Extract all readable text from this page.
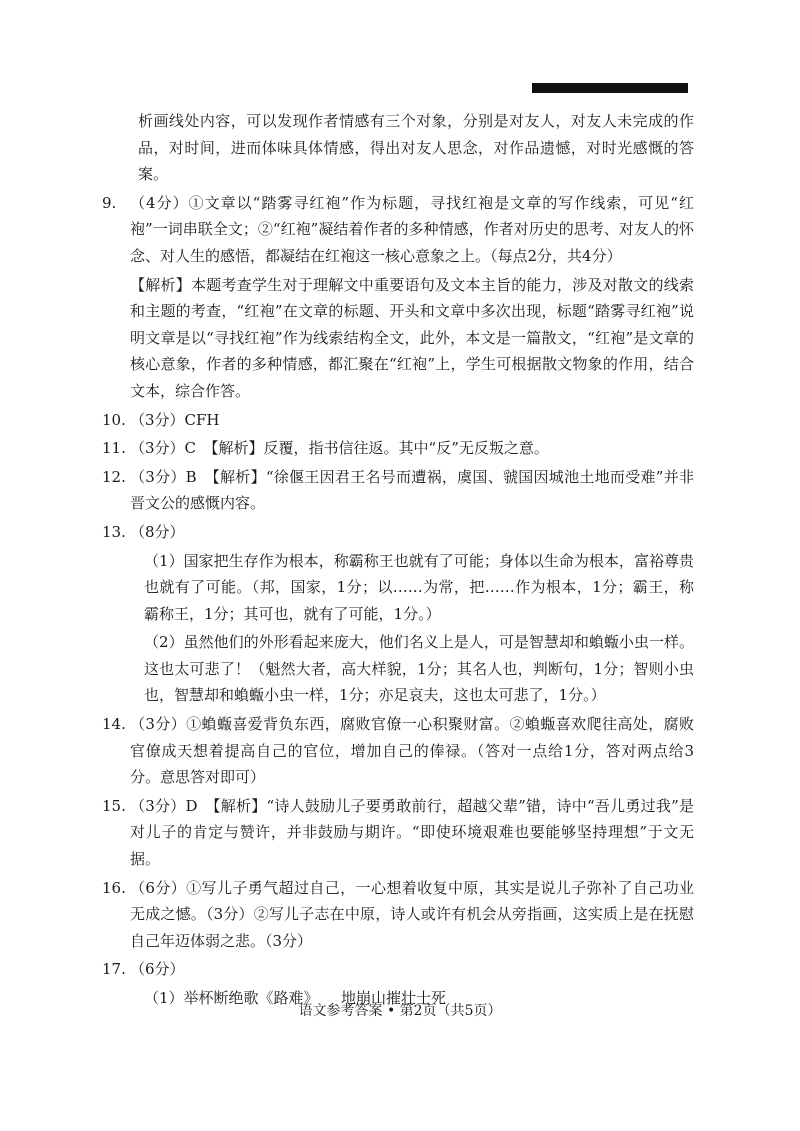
析画线处内容，可以发现作者情感有三个对象，分别是对友人，对友人未完成的作品，对时间，进而体味具体情感，得出对友人思念，对作品遗憾，对时光感慨的答案。

9. （4分）①文章以“踏雾寻红袍”作为标题，寻找红袍是文章的写作线索，可见“红袍”一词串联全文；②“红袍”凝结着作者的多种情感，作者对历史的思考、对友人的怀念、对人生的感悟，都凝结在红袍这一核心意象之上。（每点2分，共4分）

【解析】本题考查学生对于理解文中重要语句及文本主旨的能力，涉及对散文的线索和主题的考查，“红袍”在文章的标题、开头和文章中多次出现，标题“踏雾寻红袍”说明文章是以“寻找红袍”作为线索结构全文，此外，本文是一篇散文，“红袍”是文章的核心意象，作者的多种情感，都汇聚在“红袍”上，学生可根据散文物象的作用，结合文本，综合作答。

10. （3分）CFH
11. （3分）C　【解析】反覆，指书信往返。其中“反”无反叛之意。
12. （3分）B　【解析】“徐偃王因君王名号而遭祸，虞国、虢国因城池土地而受难”并非晋文公的感慨内容。
13. （8分）

（1）国家把生存作为根本，称霸称王也就有了可能；身体以生命为根本，富裕尊贵也就有了可能。（邦，国家，1分；以……为常，把……作为根本，1分；霸王，称霸称王，1分；其可也，就有了可能，1分。）

（2）虽然他们的外形看起来庞大，他们名义上是人，可是智慧却和蝜蝂小虫一样。这也太可悲了！（魁然大者，高大样貌，1分；其名人也，判断句，1分；智则小虫也，智慧却和蝜蝂小虫一样，1分；亦足哀夫，这也太可悲了，1分。）

14. （3分）①蝜蝂喜爱背负东西，腐败官僚一心积聚财富。②蝜蝂喜欢爬往高处，腐败官僚成天想着提高自己的官位，增加自己的俸禄。（答对一点给1分，答对两点给3分。意思答对即可）
15. （3分）D　【解析】“诗人鼓励儿子要勇敢前行，超越父辈”错，诗中“吾儿勇过我”是对儿子的肯定与赞许，并非鼓励与期许。“即使环境艰难也要能够坚持理想”于文无据。
16. （6分）①写儿子勇气超过自己，一心想着收复中原，其实是说儿子弥补了自己功业无成之憾。（3分）②写儿子志在中原，诗人或许有机会从旁指画，这实质上是在抚慰自己年迈体弱之悲。（3分）
17. （6分）

（1）举杯断绝歌《路难》　　地崩山摧壮士死

语文参考答案 • 第2页（共5页）
